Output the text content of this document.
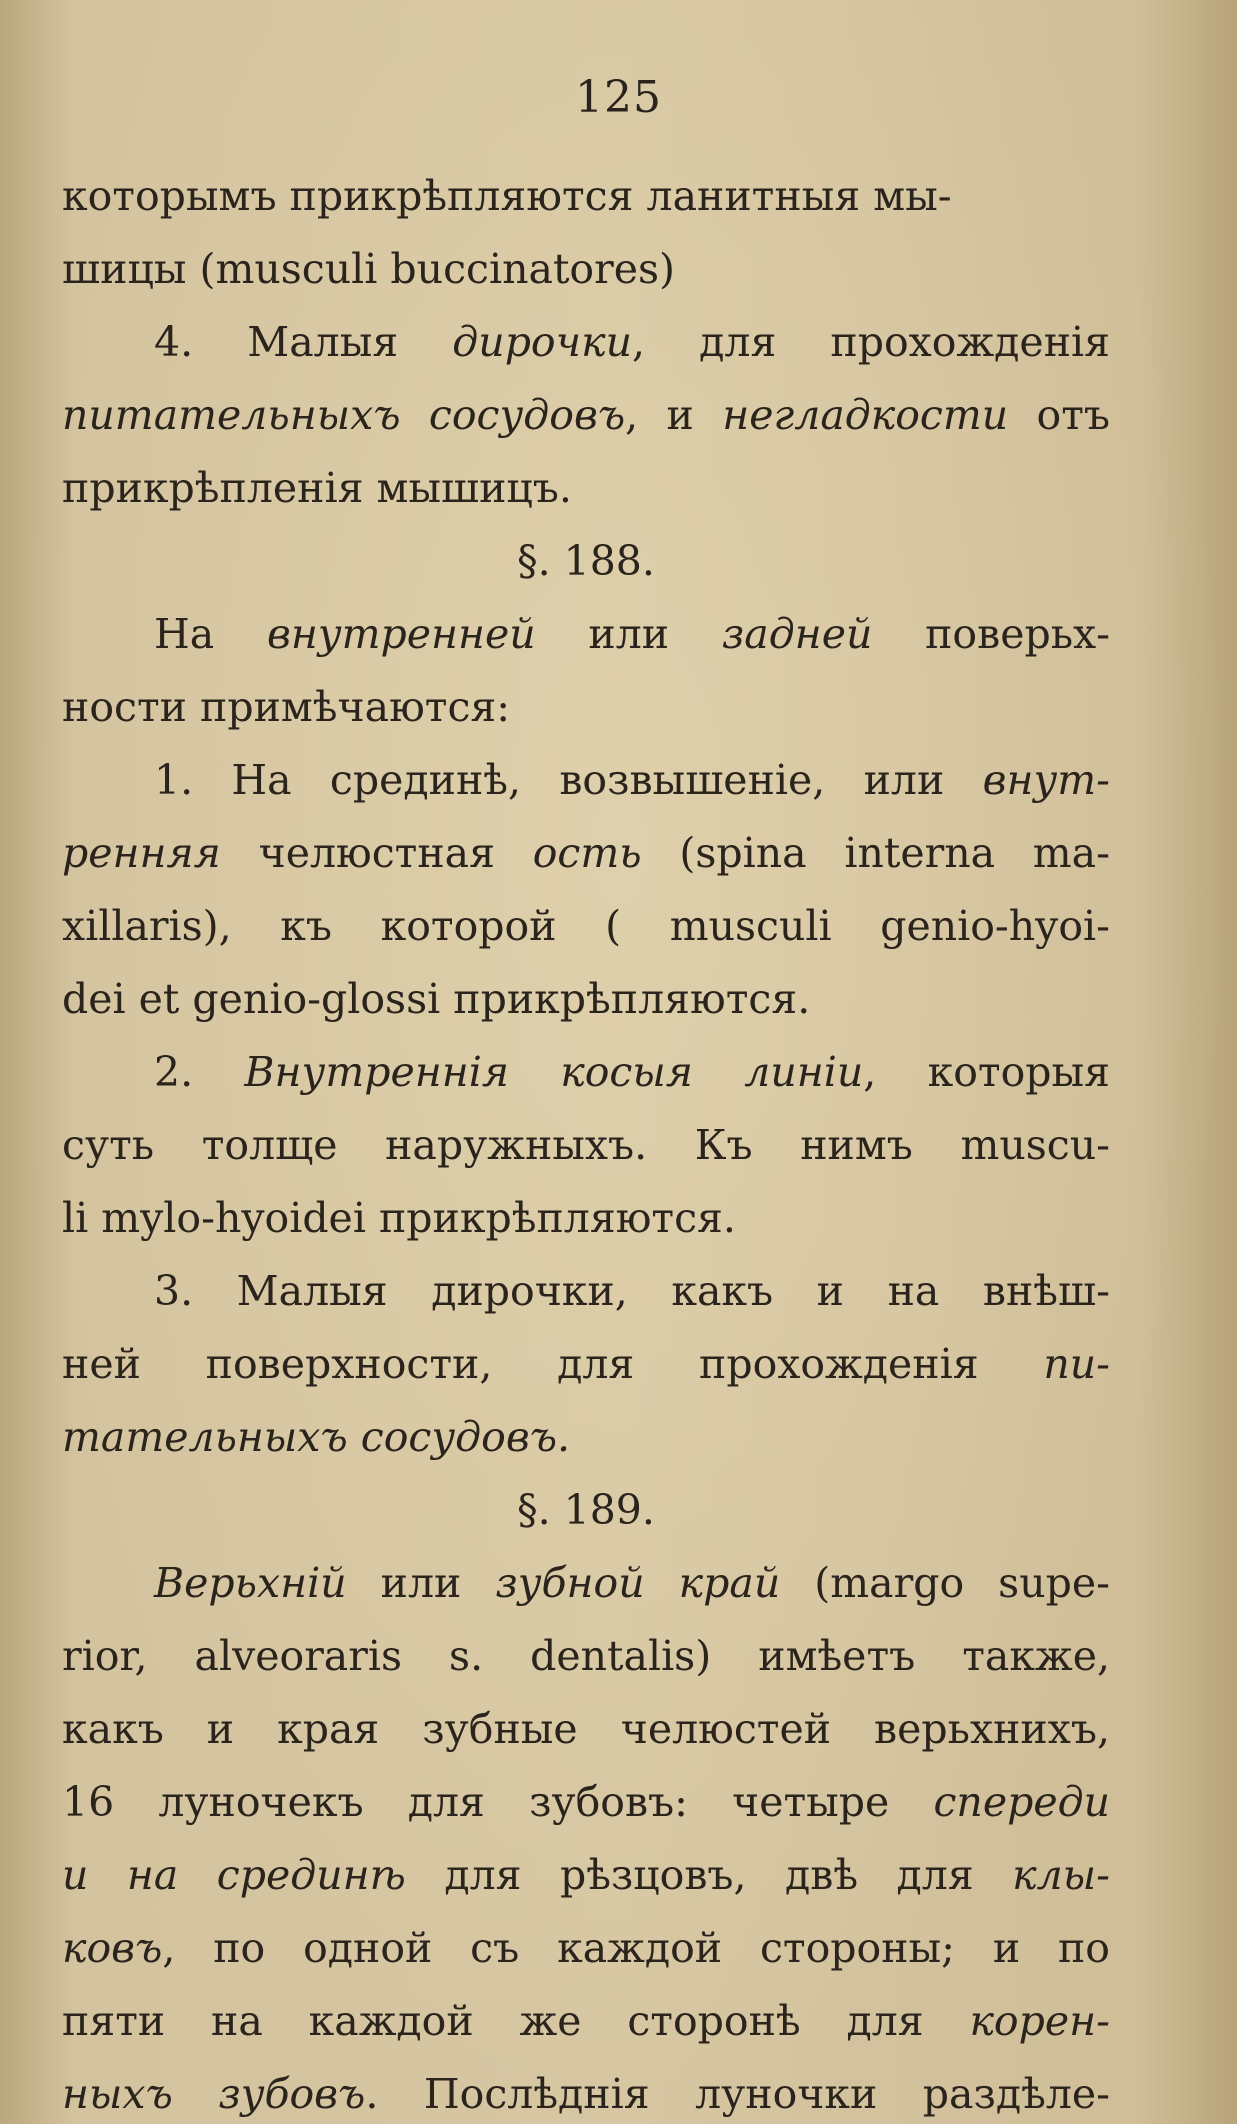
125
которымъ прикрѣпляются ланитныя мы-
шицы (musculi buccinatores)
4. Малыя дирочки, для прохожденія
питательныхъ сосудовъ, и негладкости отъ
прикрѣпленія мышицъ.
§. 188.
На внутренней или задней поверьх-
ности примѣчаются:
1. На срединѣ, возвышеніе, или внут-
ренняя челюстная ость (spina interna ma-
xillaris), къ которой ( musculi genio-hyoi-
dei et genio-glossi прикрѣпляются.
2. Внутреннія косыя линіи, которыя
суть толще наружныхъ. Къ нимъ muscu-
li mylo-hyoidei прикрѣпляются.
3. Малыя дирочки, какъ и на внѣш-
ней поверхности, для прохожденія пи-
тательныхъ сосудовъ.
§. 189.
Верьхній или зубной край (margo supe-
rior, alveorаris s. dentalis) имѣетъ также,
какъ и края зубные челюстей верьхнихъ,
16 луночекъ для зубовъ: четыре спереди
и на срединѣ для рѣзцовъ, двѣ для клы-
ковъ, по одной съ каждой стороны; и по
пяти на каждой же сторонѣ для корен-
ныхъ зубовъ. Послѣднія луночки раздѣле-
